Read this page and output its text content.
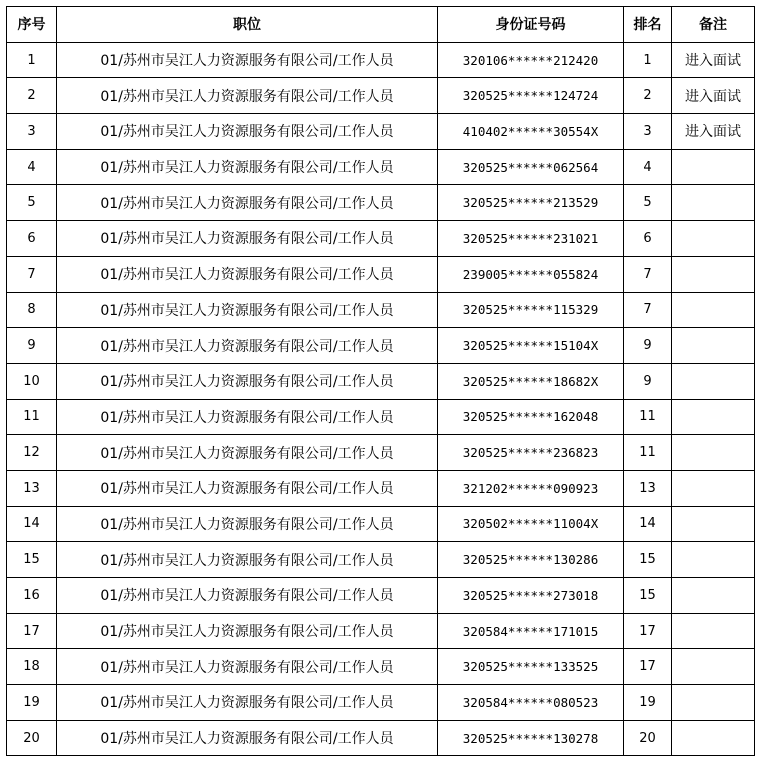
序号	职位	身份证号码	排名	备注
1	01/苏州市吴江人力资源服务有限公司/工作人员	320106******212420	1	进入面试
2	01/苏州市吴江人力资源服务有限公司/工作人员	320525******124724	2	进入面试
3	01/苏州市吴江人力资源服务有限公司/工作人员	410402******30554X	3	进入面试
4	01/苏州市吴江人力资源服务有限公司/工作人员	320525******062564	4	
5	01/苏州市吴江人力资源服务有限公司/工作人员	320525******213529	5	
6	01/苏州市吴江人力资源服务有限公司/工作人员	320525******231021	6	
7	01/苏州市吴江人力资源服务有限公司/工作人员	239005******055824	7	
8	01/苏州市吴江人力资源服务有限公司/工作人员	320525******115329	7	
9	01/苏州市吴江人力资源服务有限公司/工作人员	320525******15104X	9	
10	01/苏州市吴江人力资源服务有限公司/工作人员	320525******18682X	9	
11	01/苏州市吴江人力资源服务有限公司/工作人员	320525******162048	11	
12	01/苏州市吴江人力资源服务有限公司/工作人员	320525******236823	11	
13	01/苏州市吴江人力资源服务有限公司/工作人员	321202******090923	13	
14	01/苏州市吴江人力资源服务有限公司/工作人员	320502******11004X	14	
15	01/苏州市吴江人力资源服务有限公司/工作人员	320525******130286	15	
16	01/苏州市吴江人力资源服务有限公司/工作人员	320525******273018	15	
17	01/苏州市吴江人力资源服务有限公司/工作人员	320584******171015	17	
18	01/苏州市吴江人力资源服务有限公司/工作人员	320525******133525	17	
19	01/苏州市吴江人力资源服务有限公司/工作人员	320584******080523	19	
20	01/苏州市吴江人力资源服务有限公司/工作人员	320525******130278	20	
